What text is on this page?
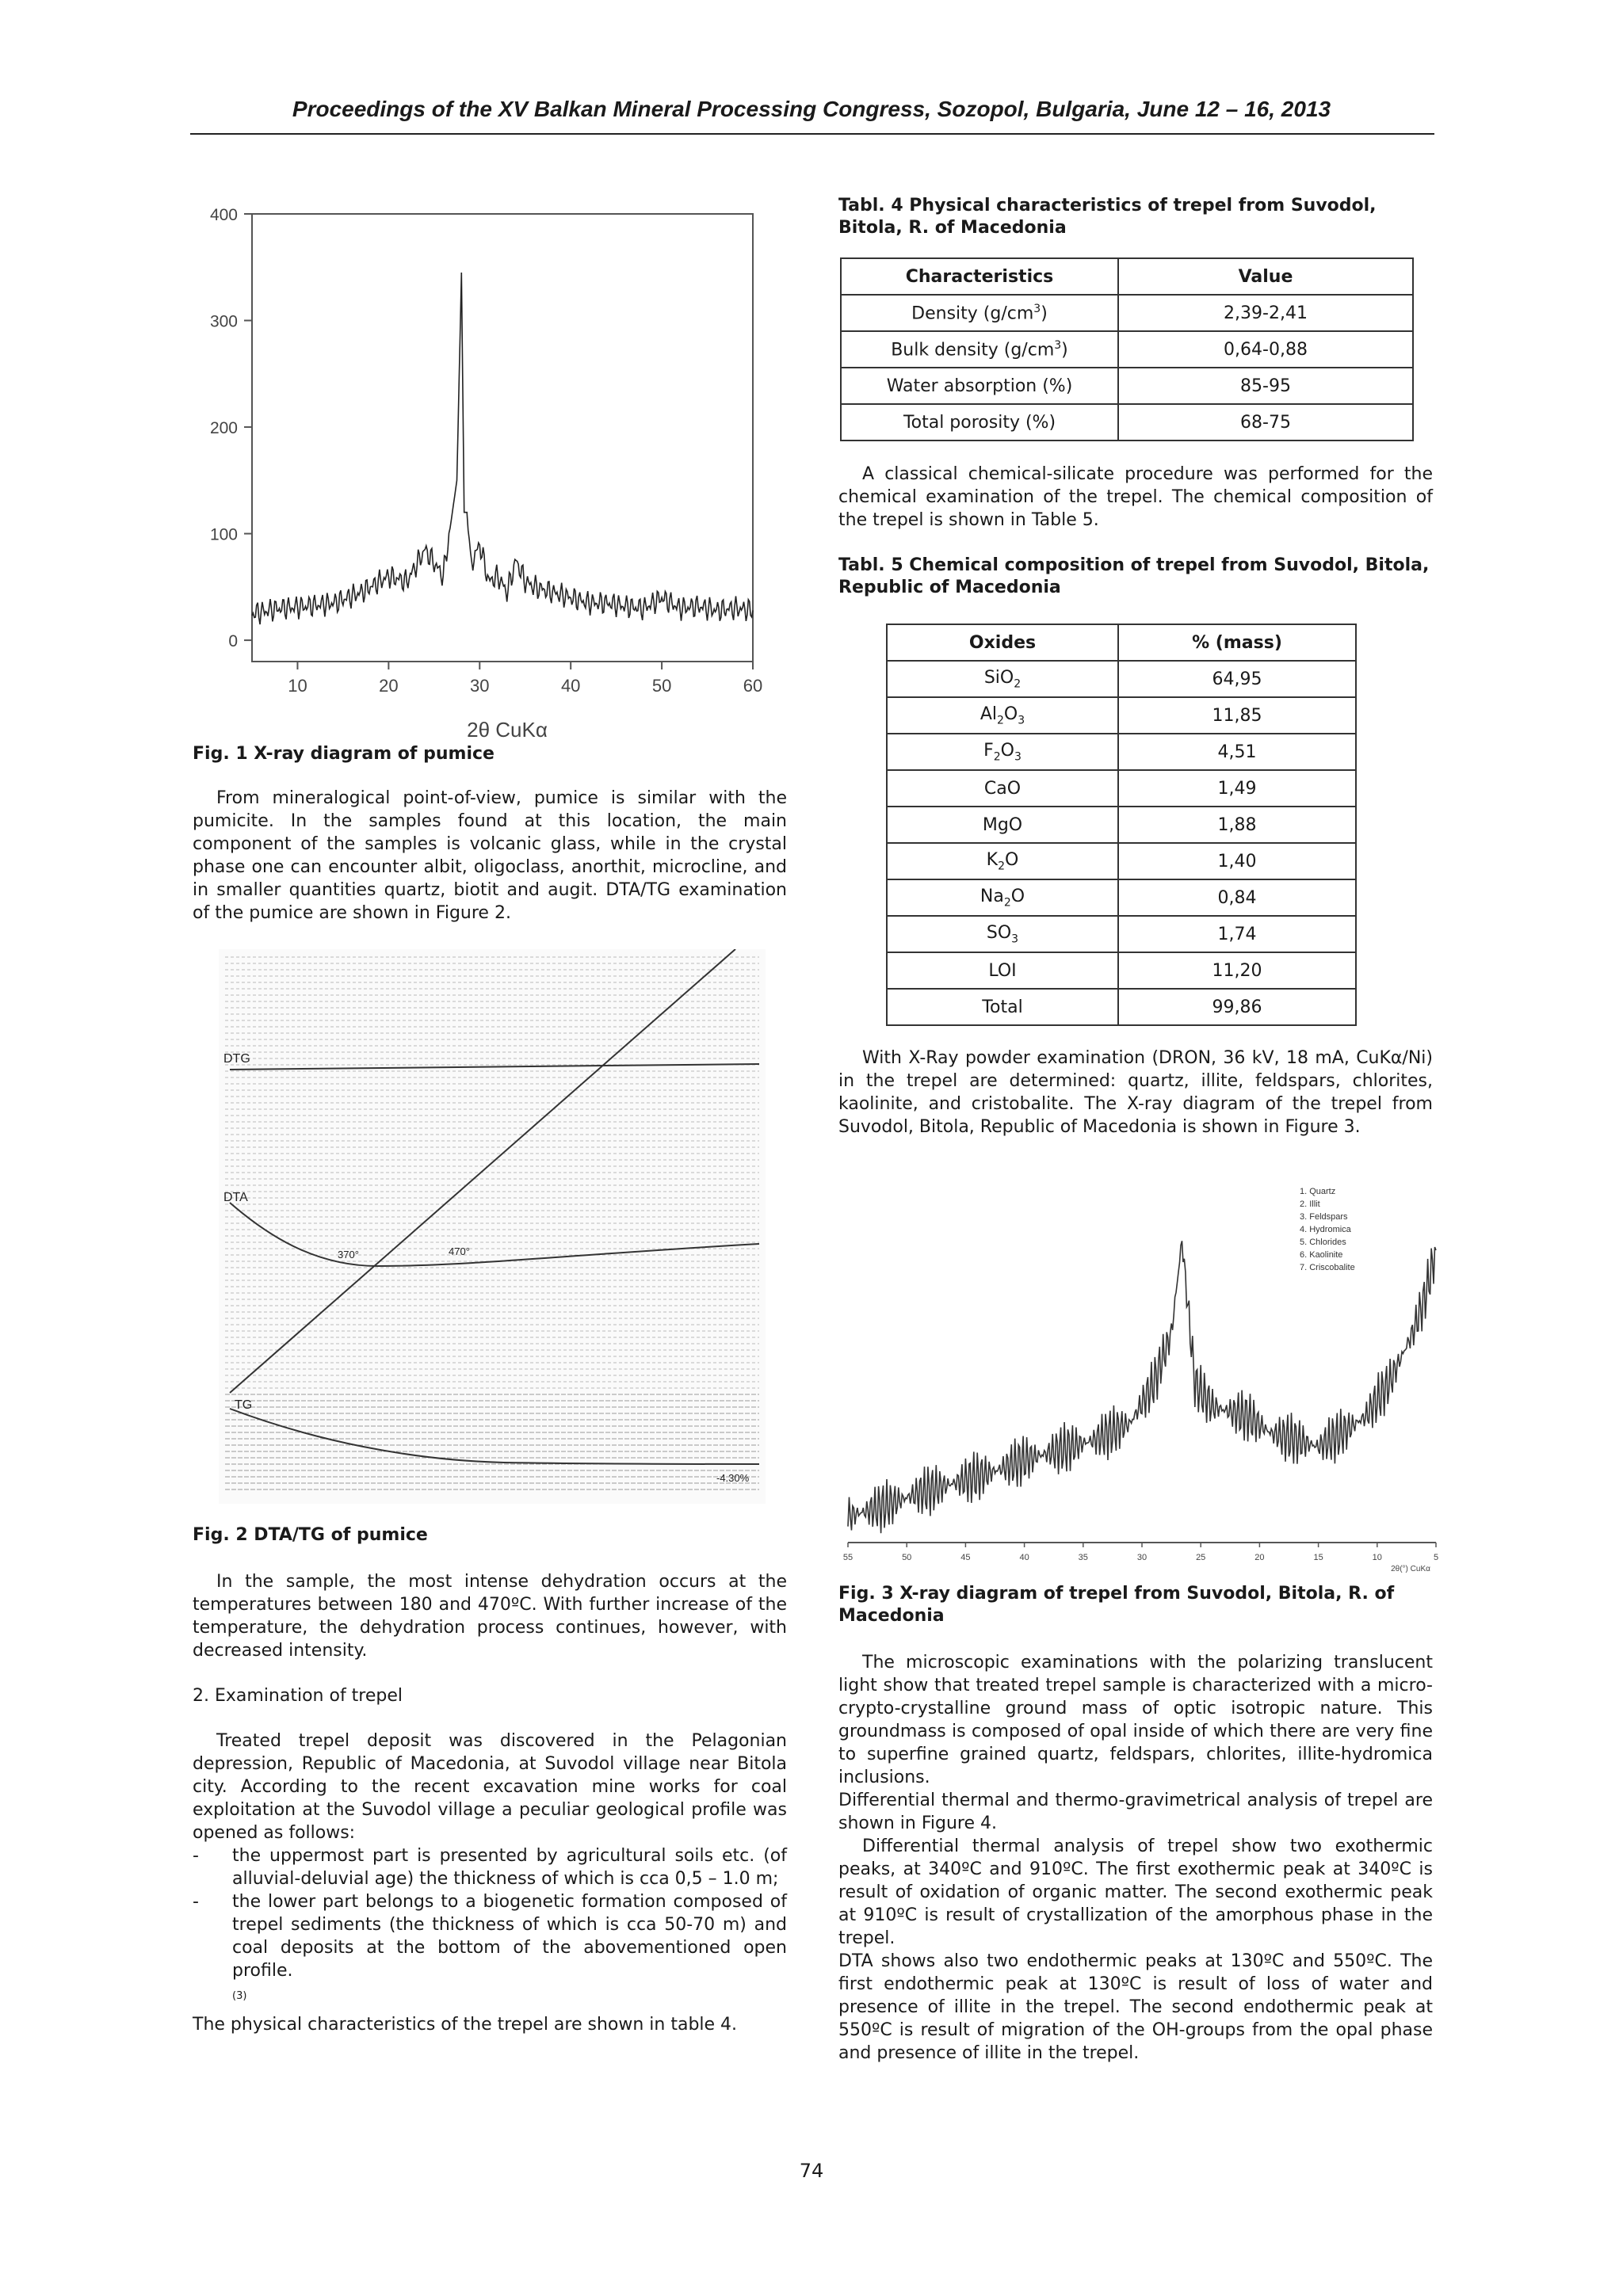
Proceedings of the XV Balkan Mineral Processing Congress, Sozopol, Bulgaria, June 12 – 16, 2013
400
300
200
100
0
10	20	30	40	50	60
2θ CuKα
Fig. 1 X-ray diagram of pumice

From mineralogical point-of-view, pumice is similar with the pumicite. In the samples found at this location, the main component of the samples is volcanic glass, while in the crystal phase one can encounter albit, oligoclass, anorthit, microcline, and in smaller quantities quartz, biotit and augit. DTA/TG examination of the pumice are shown in Figure 2.

DTG
DTA
TG
370°	470°
-4.30%
Fig. 2 DTA/TG of pumice

In the sample, the most intense dehydration occurs at the temperatures between 180 and 470ºC. With further increase of the temperature, the dehydration process continues, however, with decreased intensity.

2. Examination of trepel

Treated trepel deposit was discovered in the Pelagonian depression, Republic of Macedonia, at Suvodol village near Bitola city. According to the recent excavation mine works for coal exploitation at the Suvodol village a peculiar geological profile was opened as follows:

-	the uppermost part is presented by agricultural soils etc. (of alluvial-deluvial age) the thickness of which is cca 0,5 – 1.0 m;
-	the lower part belongs to a biogenetic formation composed of trepel sediments (the thickness of which is cca 50-70 m) and coal deposits at the bottom of the abovementioned open profile.
(3)

The physical characteristics of the trepel are shown in table 4.

Tabl. 4 Physical characteristics of trepel from Suvodol, Bitola, R. of Macedonia
Characteristics	Value
Density $(g/cm^3)$	2,39-2,41
Bulk density $(g/cm^3)$	0,64-0,88
Water absorption (%)	85-95
Total porosity (%)	68-75

A classical chemical-silicate procedure was performed for the chemical examination of the trepel. The chemical composition of the trepel is shown in Table 5.

Tabl. 5 Chemical composition of trepel from Suvodol, Bitola, Republic of Macedonia
Oxides	% (mass)
SiO$_2$	64,95
$Al_2O_3$	11,85
$F_2O_3$	4,51
CaO	1,49
MgO	1,88
$K_2O$	1,40
$Na_2O$	0,84
$SO_3$	1,74
LOI	11,20
Total	99,86

With X-Ray powder examination (DRON, 36 kV, 18 mA, CuKα/Ni) in the trepel are determined: quartz, illite, feldspars, chlorites, kaolinite, and cristobalite. The X-ray diagram of the trepel from Suvodol, Bitola, Republic of Macedonia is shown in Figure 3.

1. Quartz
2. Illit
3. Feldspars
4. Hydromica
5. Chlorides
6. Kaolinite
7. Criscobalite
55	50	45	40	35	30	25	20	15	10	5
2θ(°) CuKα
Fig. 3 X-ray diagram of trepel from Suvodol, Bitola, R. of Macedonia

The microscopic examinations with the polarizing translucent light show that treated trepel sample is characterized with a micro-crypto-crystalline ground mass of optic isotropic nature. This groundmass is composed of opal inside of which there are very fine to superfine grained quartz, feldspars, chlorites, illite-hydromica inclusions.

Differential thermal and thermo-gravimetrical analysis of trepel are shown in Figure 4.

Differential thermal analysis of trepel show two exothermic peaks, at 340ºC and 910ºC. The first exothermic peak at 340ºC is result of oxidation of organic matter. The second exothermic peak at 910ºC is result of crystallization of the amorphous phase in the trepel.

DTA shows also two endothermic peaks at 130ºC and 550ºC. The first endothermic peak at 130ºC is result of loss of water and presence of illite in the trepel. The second endothermic peak at 550ºC is result of migration of the OH-groups from the opal phase and presence of illite in the trepel.

74
